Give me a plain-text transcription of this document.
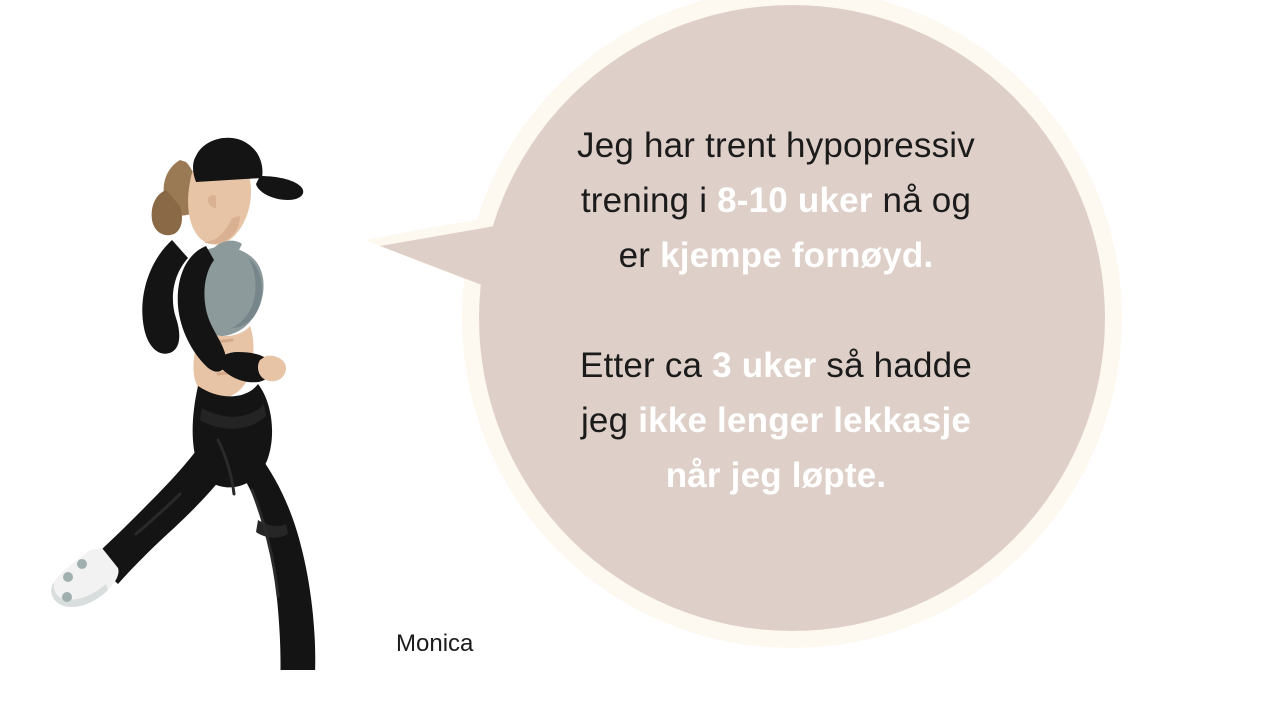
Jeg har trent hypopressiv

trening i 8-10 uker nå og

er kjempe fornøyd.

Etter ca 3 uker så hadde

jeg ikke lenger lekkasje

når jeg løpte.

Monica
